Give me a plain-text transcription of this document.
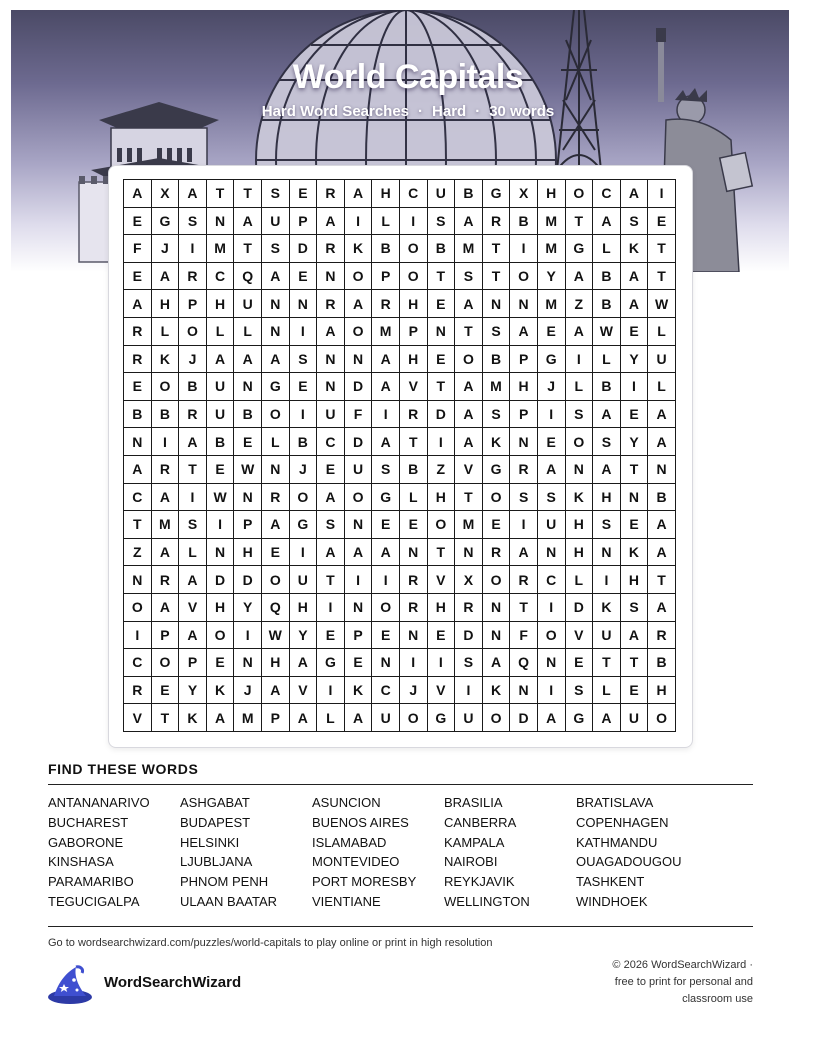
World Capitals
Hard Word Searches · Hard · 30 words
A	X	A	T	T	S	E	R	A	H	C	U	B	G	X	H	O	C	A	I
E	G	S	N	A	U	P	A	I	L	I	S	A	R	B	M	T	A	S	E
F	J	I	M	T	S	D	R	K	B	O	B	M	T	I	M	G	L	K	T
E	A	R	C	Q	A	E	N	O	P	O	T	S	T	O	Y	A	B	A	T
A	H	P	H	U	N	N	R	A	R	H	E	A	N	N	M	Z	B	A	W
R	L	O	L	L	N	I	A	O	M	P	N	T	S	A	E	A	W	E	L
R	K	J	A	A	A	S	N	N	A	H	E	O	B	P	G	I	L	Y	U
E	O	B	U	N	G	E	N	D	A	V	T	A	M	H	J	L	B	I	L
B	B	R	U	B	O	I	U	F	I	R	D	A	S	P	I	S	A	E	A
N	I	A	B	E	L	B	C	D	A	T	I	A	K	N	E	O	S	Y	A
A	R	T	E	W	N	J	E	U	S	B	Z	V	G	R	A	N	A	T	N
C	A	I	W	N	R	O	A	O	G	L	H	T	O	S	S	K	H	N	B
T	M	S	I	P	A	G	S	N	E	E	O	M	E	I	U	H	S	E	A
Z	A	L	N	H	E	I	A	A	A	N	T	N	R	A	N	H	N	K	A
N	R	A	D	D	O	U	T	I	I	R	V	X	O	R	C	L	I	H	T
O	A	V	H	Y	Q	H	I	N	O	R	H	R	N	T	I	D	K	S	A
I	P	A	O	I	W	Y	E	P	E	N	E	D	N	F	O	V	U	A	R
C	O	P	E	N	H	A	G	E	N	I	I	S	A	Q	N	E	T	T	B
R	E	Y	K	J	A	V	I	K	C	J	V	I	K	N	I	S	L	E	H
V	T	K	A	M	P	A	L	A	U	O	G	U	O	D	A	G	A	U	O
FIND THESE WORDS
ANTANANARIVO	ASHGABAT	ASUNCION	BRASILIA	BRATISLAVA
BUCHAREST	BUDAPEST	BUENOS AIRES	CANBERRA	COPENHAGEN
GABORONE	HELSINKI	ISLAMABAD	KAMPALA	KATHMANDU
KINSHASA	LJUBLJANA	MONTEVIDEO	NAIROBI	OUAGADOUGOU
PARAMARIBO	PHNOM PENH	PORT MORESBY	REYKJAVIK	TASHKENT
TEGUCIGALPA	ULAAN BAATAR	VIENTIANE	WELLINGTON	WINDHOEK
Go to wordsearchwizard.com/puzzles/world-capitals to play online or print in high resolution
WordSearchWizard
© 2026 WordSearchWizard ·
free to print for personal and
classroom use
